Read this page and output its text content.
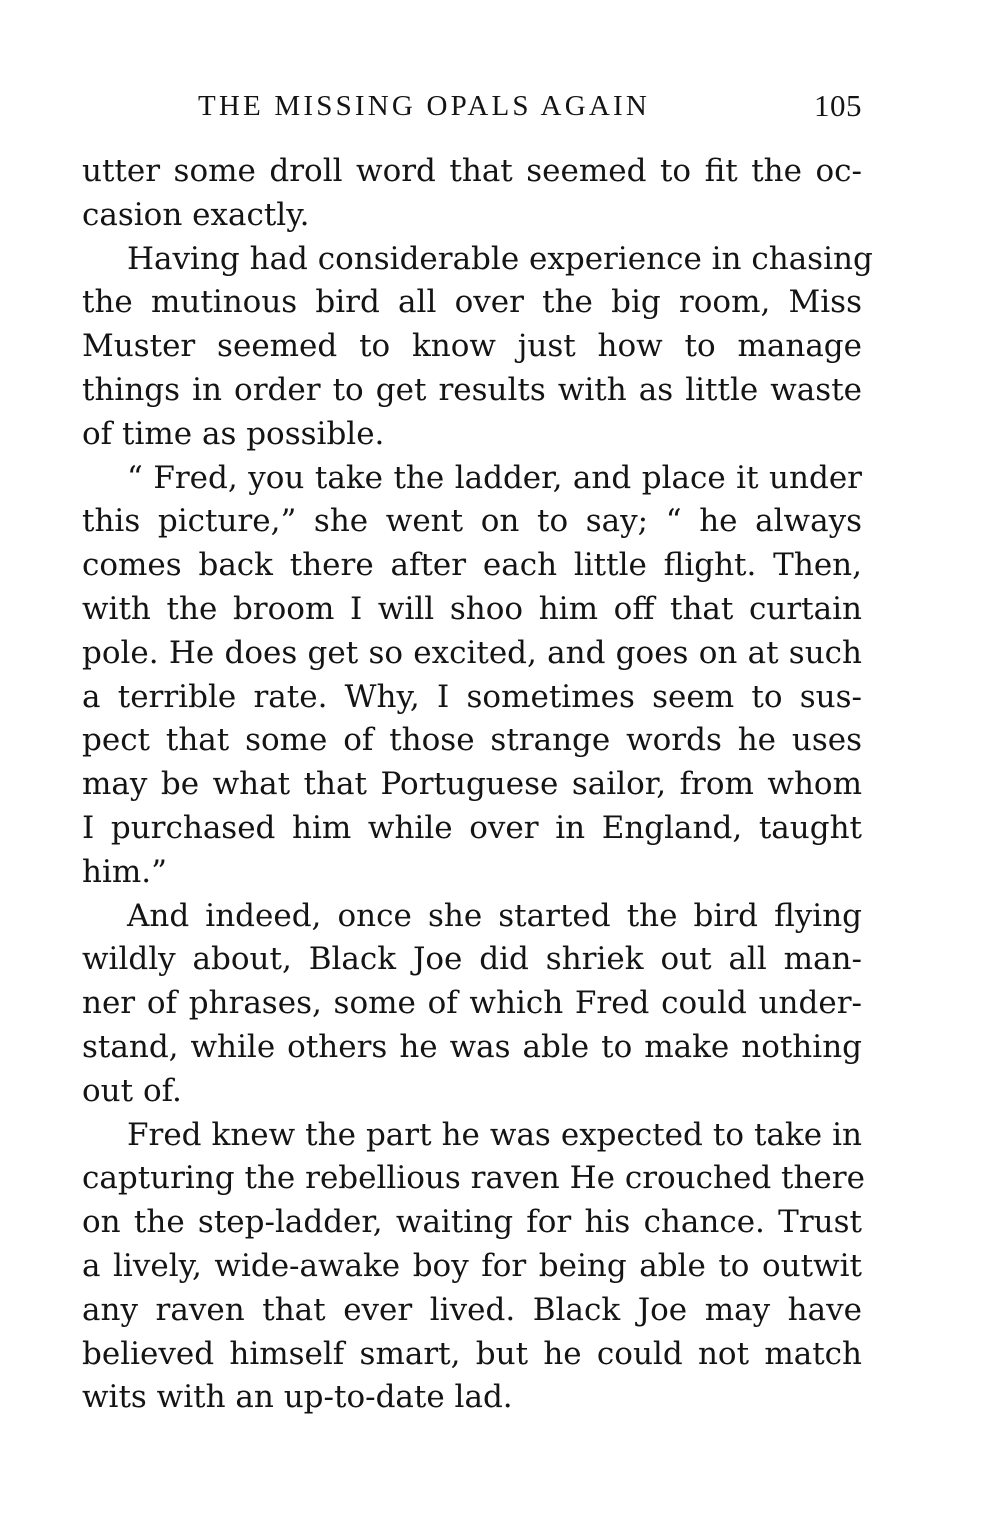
THE MISSING OPALS AGAIN	105
utter some droll word that seemed to fit the oc-
casion exactly.
Having had considerable experience in chasing
the mutinous bird all over the big room, Miss
Muster seemed to know just how to manage
things in order to get results with as little waste
of time as possible.
“ Fred, you take the ladder, and place it under
this picture,” she went on to say; “ he always
comes back there after each little flight. Then,
with the broom I will shoo him off that curtain
pole. He does get so excited, and goes on at such
a terrible rate. Why, I sometimes seem to sus-
pect that some of those strange words he uses
may be what that Portuguese sailor, from whom
I purchased him while over in England, taught
him.”
And indeed, once she started the bird flying
wildly about, Black Joe did shriek out all man-
ner of phrases, some of which Fred could under-
stand, while others he was able to make nothing
out of.
Fred knew the part he was expected to take in
capturing the rebellious raven He crouched there
on the step-ladder, waiting for his chance. Trust
a lively, wide-awake boy for being able to outwit
any raven that ever lived. Black Joe may have
believed himself smart, but he could not match
wits with an up-to-date lad.
